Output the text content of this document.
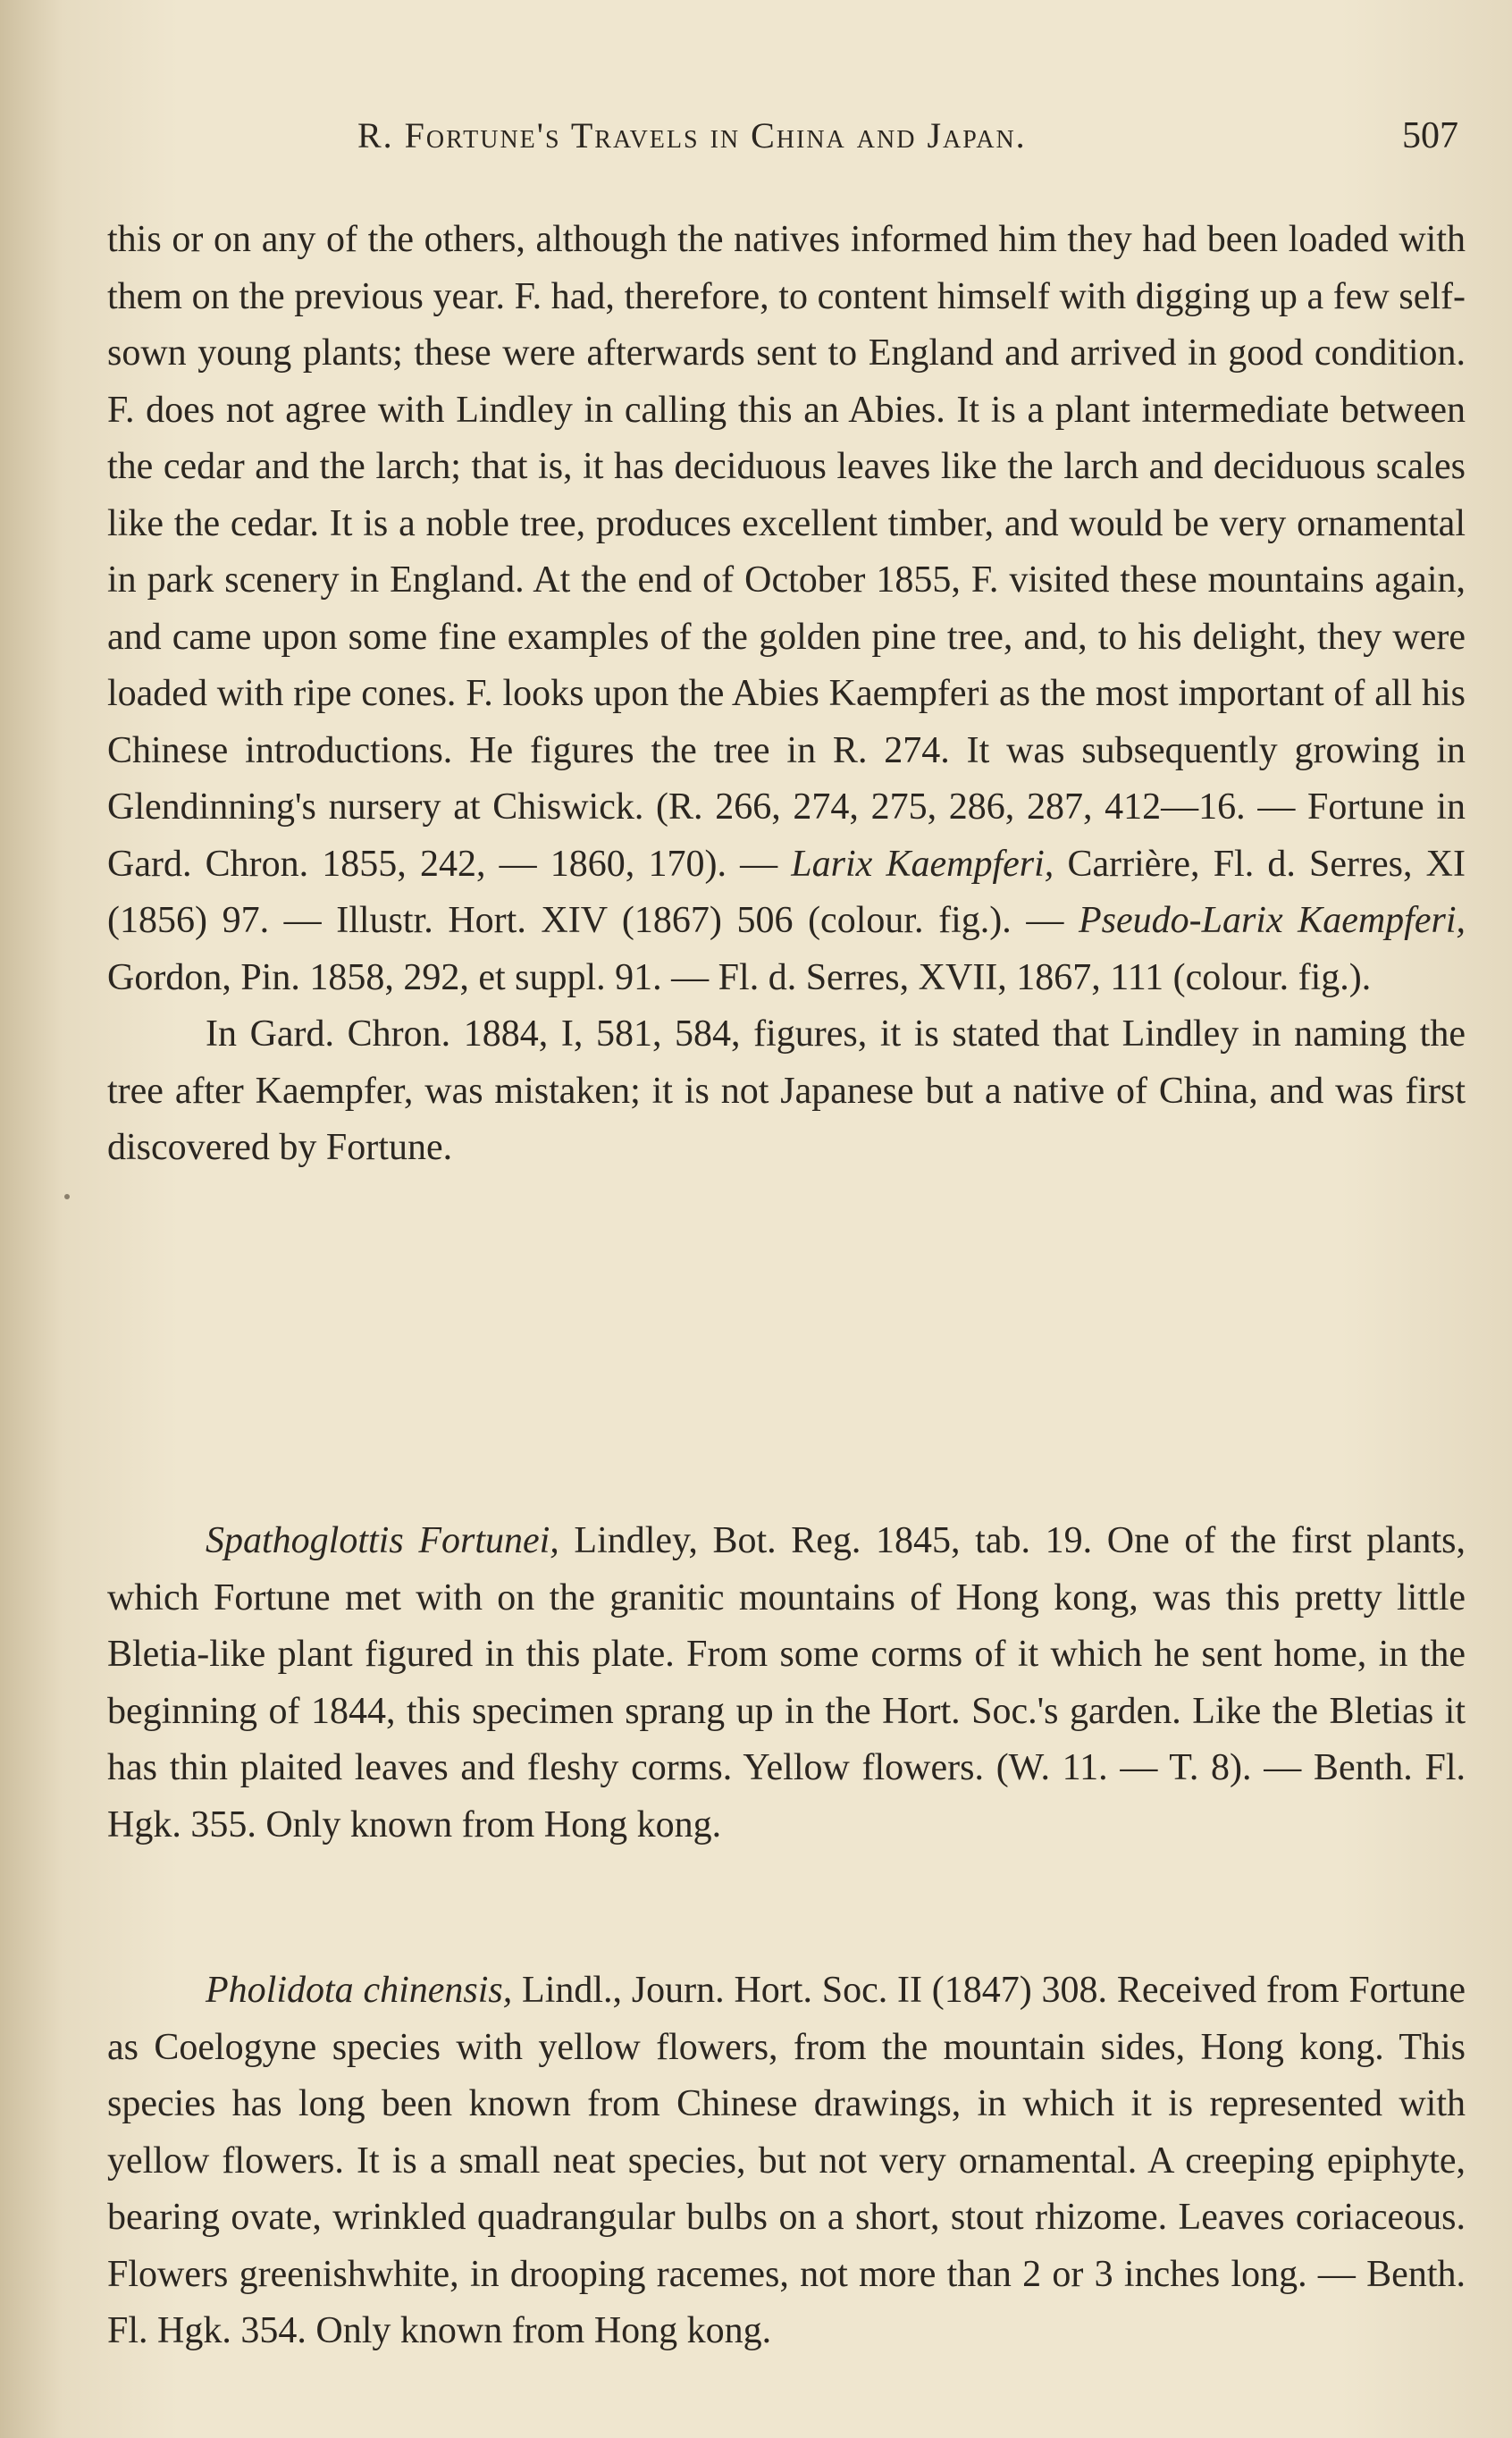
R. Fortune's Travels in China and Japan.	507

this or on any of the others, although the natives informed him they had been loaded with them on the previous year. F. had, therefore, to content himself with digging up a few self-sown young plants; these were afterwards sent to England and arrived in good condition. F. does not agree with Lindley in calling this an Abies. It is a plant intermediate between the cedar and the larch; that is, it has deciduous leaves like the larch and deciduous scales like the cedar. It is a noble tree, produces excellent timber, and would be very ornamental in park scenery in England. At the end of October 1855, F. visited these mountains again, and came upon some fine examples of the golden pine tree, and, to his delight, they were loaded with ripe cones. F. looks upon the Abies Kaempferi as the most important of all his Chinese introductions. He figures the tree in R. 274. It was subsequently growing in Glendinning's nursery at Chiswick. (R. 266, 274, 275, 286, 287, 412—16. — Fortune in Gard. Chron. 1855, 242, — 1860, 170). — Larix Kaempferi, Carrière, Fl. d. Serres, XI (1856) 97. — Illustr. Hort. XIV (1867) 506 (colour. fig.). — Pseudo-Larix Kaempferi, Gordon, Pin. 1858, 292, et suppl. 91. — Fl. d. Serres, XVII, 1867, 111 (colour. fig.).

In Gard. Chron. 1884, I, 581, 584, figures, it is stated that Lindley in naming the tree after Kaempfer, was mistaken; it is not Japanese but a native of China, and was first discovered by Fortune.

Spathoglottis Fortunei, Lindley, Bot. Reg. 1845, tab. 19. One of the first plants, which Fortune met with on the granitic mountains of Hong kong, was this pretty little Bletia-like plant figured in this plate. From some corms of it which he sent home, in the beginning of 1844, this specimen sprang up in the Hort. Soc.'s garden. Like the Bletias it has thin plaited leaves and fleshy corms. Yellow flowers. (W. 11. — T. 8). — Benth. Fl. Hgk. 355. Only known from Hong kong.

Pholidota chinensis, Lindl., Journ. Hort. Soc. II (1847) 308. Received from Fortune as Coelogyne species with yellow flowers, from the mountain sides, Hong kong. This species has long been known from Chinese drawings, in which it is represented with yellow flowers. It is a small neat species, but not very ornamental. A creeping epiphyte, bearing ovate, wrinkled quadrangular bulbs on a short, stout rhizome. Leaves coriaceous. Flowers greenishwhite, in drooping racemes, not more than 2 or 3 inches long. — Benth. Fl. Hgk. 354. Only known from Hong kong.
